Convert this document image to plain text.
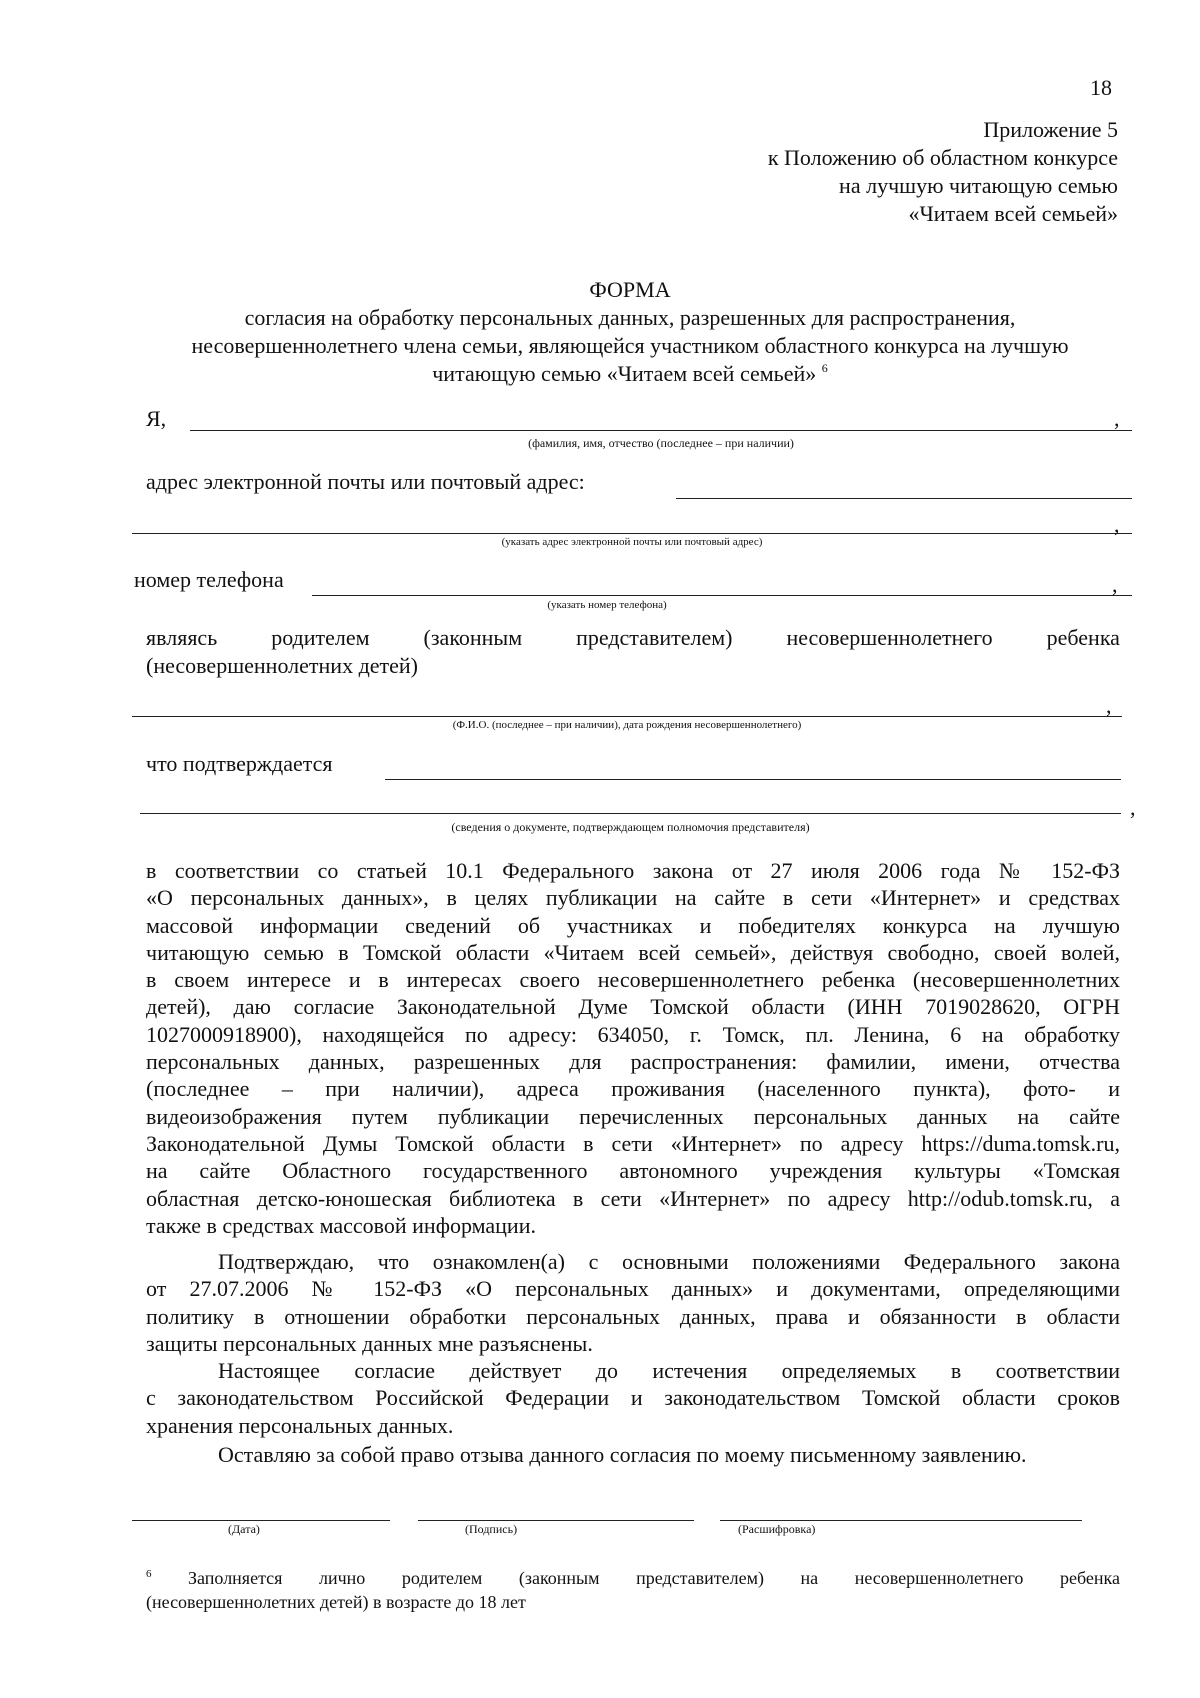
18
Приложение 5
к Положению об областном конкурсе
на лучшую читающую семью
«Читаем всей семьей»
ФОРМА
согласия на обработку персональных данных, разрешенных для распространения,
несовершеннолетнего члена семьи, являющейся участником областного конкурса на лучшую
читающую семью «Читаем всей семьей» $^6$
Я,	,
(фамилия, имя, отчество (последнее – при наличии)
адрес электронной почты или почтовый адрес:
,
(указать адрес электронной почты или почтовый адрес)
номер телефона	,
(указать номер телефона)
являясь родителем (законным представителем) несовершеннолетнего ребенка
(несовершеннолетних детей)
,
(Ф.И.О. (последнее – при наличии), дата рождения несовершеннолетнего)
что подтверждается
,
(сведения о документе, подтверждающем полномочия представителя)
в соответствии со статьей 10.1 Федерального закона от 27 июля 2006 года № 152-ФЗ
«О персональных данных», в целях публикации на сайте в сети «Интернет» и средствах
массовой информации сведений об участниках и победителях конкурса на лучшую
читающую семью в Томской области «Читаем всей семьей», действуя свободно, своей волей,
в своем интересе и в интересах своего несовершеннолетнего ребенка (несовершеннолетних
детей), даю согласие Законодательной Думе Томской области (ИНН 7019028620, ОГРН
1027000918900), находящейся по адресу: 634050, г. Томск, пл. Ленина, 6 на обработку
персональных данных, разрешенных для распространения: фамилии, имени, отчества
(последнее – при наличии), адреса проживания (населенного пункта), фото- и
видеоизображения путем публикации перечисленных персональных данных на сайте
Законодательной Думы Томской области в сети «Интернет» по адресу https://duma.tomsk.ru,
на сайте Областного государственного автономного учреждения культуры «Томская
областная детско-юношеская библиотека в сети «Интернет» по адресу http://odub.tomsk.ru, а
также в средствах массовой информации.
Подтверждаю, что ознакомлен(а) с основными положениями Федерального закона
от 27.07.2006 № 152-ФЗ «О персональных данных» и документами, определяющими
политику в отношении обработки персональных данных, права и обязанности в области
защиты персональных данных мне разъяснены.
Настоящее согласие действует до истечения определяемых в соответствии
с законодательством Российской Федерации и законодательством Томской области сроков
хранения персональных данных.
Оставляю за собой право отзыва данного согласия по моему письменному заявлению.
(Дата)	(Подпись)	(Расшифровка)
$^6$ Заполняется лично родителем (законным представителем) на несовершеннолетнего ребенка
(несовершеннолетних детей) в возрасте до 18 лет
